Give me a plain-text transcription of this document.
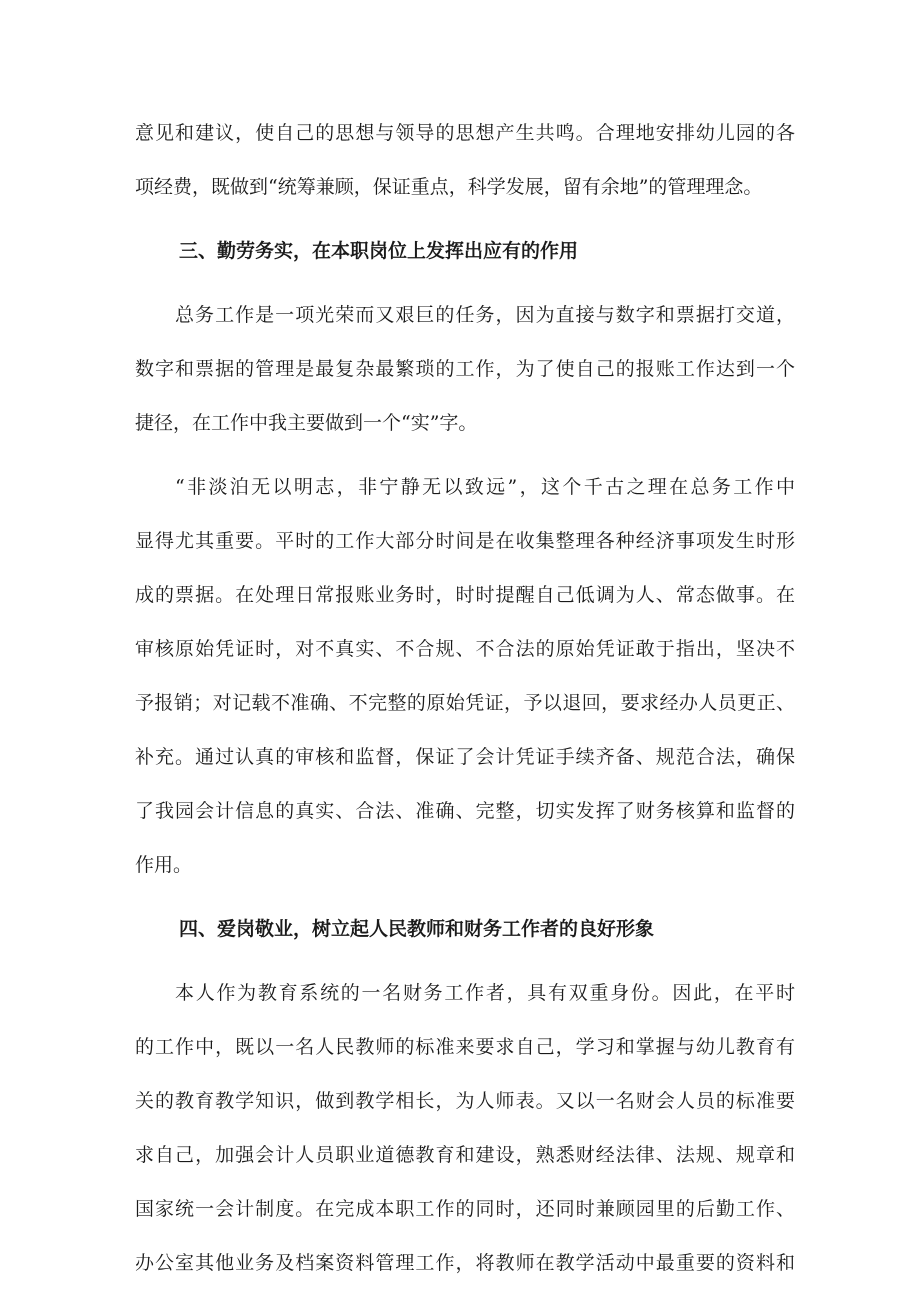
意见和建议，使自己的思想与领导的思想产生共鸣。合理地安排幼儿园的各
项经费，既做到“统筹兼顾，保证重点，科学发展，留有余地”的管理理念。
三、勤劳务实，在本职岗位上发挥出应有的作用
总务工作是一项光荣而又艰巨的任务，因为直接与数字和票据打交道，
数字和票据的管理是最复杂最繁琐的工作，为了使自己的报账工作达到一个
捷径，在工作中我主要做到一个“实”字。
“非淡泊无以明志，非宁静无以致远”，这个千古之理在总务工作中
显得尤其重要。平时的工作大部分时间是在收集整理各种经济事项发生时形
成的票据。在处理日常报账业务时，时时提醒自己低调为人、常态做事。在
审核原始凭证时，对不真实、不合规、不合法的原始凭证敢于指出，坚决不
予报销；对记载不准确、不完整的原始凭证，予以退回，要求经办人员更正、
补充。通过认真的审核和监督，保证了会计凭证手续齐备、规范合法，确保
了我园会计信息的真实、合法、准确、完整，切实发挥了财务核算和监督的
作用。
四、爱岗敬业，树立起人民教师和财务工作者的良好形象
本人作为教育系统的一名财务工作者，具有双重身份。因此，在平时
的工作中，既以一名人民教师的标准来要求自己，学习和掌握与幼儿教育有
关的教育教学知识，做到教学相长，为人师表。又以一名财会人员的标准要
求自己，加强会计人员职业道德教育和建设，熟悉财经法律、法规、规章和
国家统一会计制度。在完成本职工作的同时，还同时兼顾园里的后勤工作、
办公室其他业务及档案资料管理工作，将教师在教学活动中最重要的资料和
